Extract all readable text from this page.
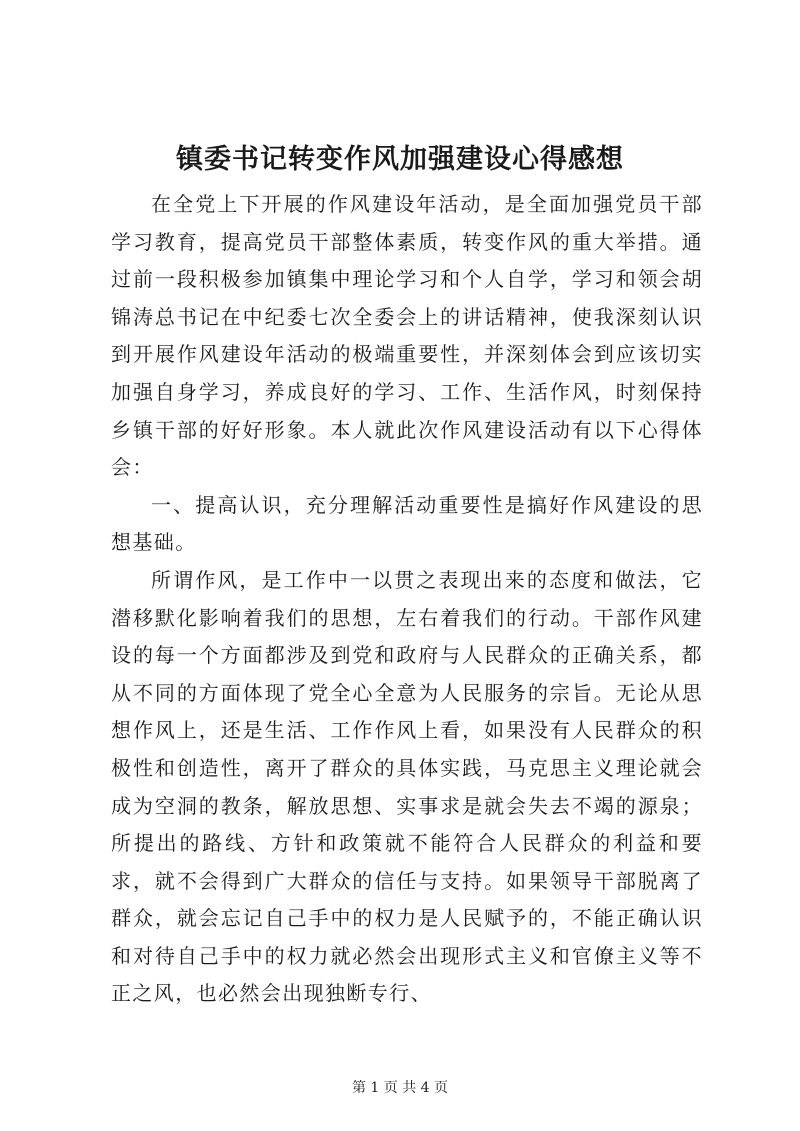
镇委书记转变作风加强建设心得感想

在全党上下开展的作风建设年活动，是全面加强党员干部学习教育，提高党员干部整体素质，转变作风的重大举措。通过前一段积极参加镇集中理论学习和个人自学，学习和领会胡锦涛总书记在中纪委七次全委会上的讲话精神，使我深刻认识到开展作风建设年活动的极端重要性，并深刻体会到应该切实加强自身学习，养成良好的学习、工作、生活作风，时刻保持乡镇干部的好好形象。本人就此次作风建设活动有以下心得体会：

一、提高认识，充分理解活动重要性是搞好作风建设的思想基础。

所谓作风，是工作中一以贯之表现出来的态度和做法，它潜移默化影响着我们的思想，左右着我们的行动。干部作风建设的每一个方面都涉及到党和政府与人民群众的正确关系，都从不同的方面体现了党全心全意为人民服务的宗旨。无论从思想作风上，还是生活、工作作风上看，如果没有人民群众的积极性和创造性，离开了群众的具体实践，马克思主义理论就会成为空洞的教条，解放思想、实事求是就会失去不竭的源泉；所提出的路线、方针和政策就不能符合人民群众的利益和要求，就不会得到广大群众的信任与支持。如果领导干部脱离了群众，就会忘记自己手中的权力是人民赋予的，不能正确认识和对待自己手中的权力就必然会出现形式主义和官僚主义等不正之风，也必然会出现独断专行、

第 1 页 共 4 页
